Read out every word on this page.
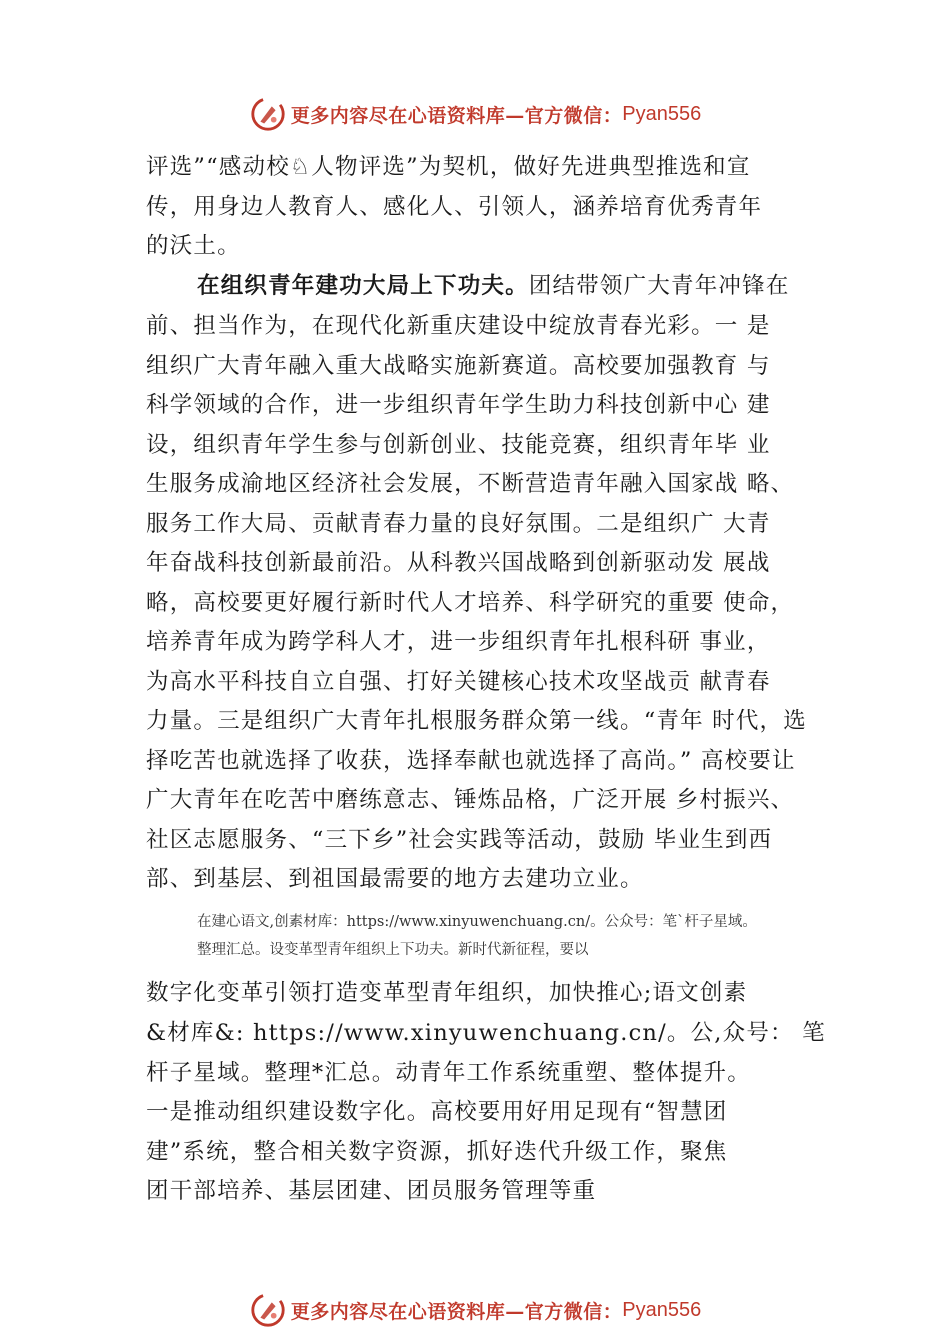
更多内容尽在心语资料库—官方微信： Pyan556
评选”“感动校♘人物评选”为契机，做好先进典型推选和宣
传，用身边人教育人、感化人、引领人，涵养培育优秀青年
的沃土。
在组织青年建功大局上下功夫。团结带领广大青年冲锋在
前、担当作为，在现代化新重庆建设中绽放青春光彩。一 是
组织广大青年融入重大战略实施新赛道。高校要加强教育 与
科学领域的合作，进一步组织青年学生助力科技创新中心 建
设，组织青年学生参与创新创业、技能竞赛，组织青年毕 业
生服务成渝地区经济社会发展，不断营造青年融入国家战 略、
服务工作大局、贡献青春力量的良好氛围。二是组织广 大青
年奋战科技创新最前沿。从科教兴国战略到创新驱动发 展战
略，高校要更好履行新时代人才培养、科学研究的重要 使命，
培养青年成为跨学科人才，进一步组织青年扎根科研 事业，
为高水平科技自立自强、打好关键核心技术攻坚战贡 献青春
力量。三是组织广大青年扎根服务群众第一线。“青年 时代，选
择吃苦也就选择了收获，选择奉献也就选择了高尚。” 高校要让
广大青年在吃苦中磨练意志、锤炼品格，广泛开展 乡村振兴、
社区志愿服务、“三下乡”社会实践等活动，鼓励 毕业生到西
部、到基层、到祖国最需要的地方去建功立业。
在建心语文,创素材库：https://www.xinyuwenchuang.cn/。公众号：笔`杆子星域。
整理汇总。设变革型青年组织上下功夫。新时代新征程，要以
数字化变革引领打造变革型青年组织，加快推心;语文创素
&材库&: https://www.xinyuwenchuang.cn/。公,众号： 笔
杆子星域。整理*汇总。动青年工作系统重塑、整体提升。
一是推动组织建设数字化。高校要用好用足现有“智慧团
建”系统，整合相关数字资源，抓好迭代升级工作，聚焦
团干部培养、基层团建、团员服务管理等重
更多内容尽在心语资料库—官方微信： Pyan556
